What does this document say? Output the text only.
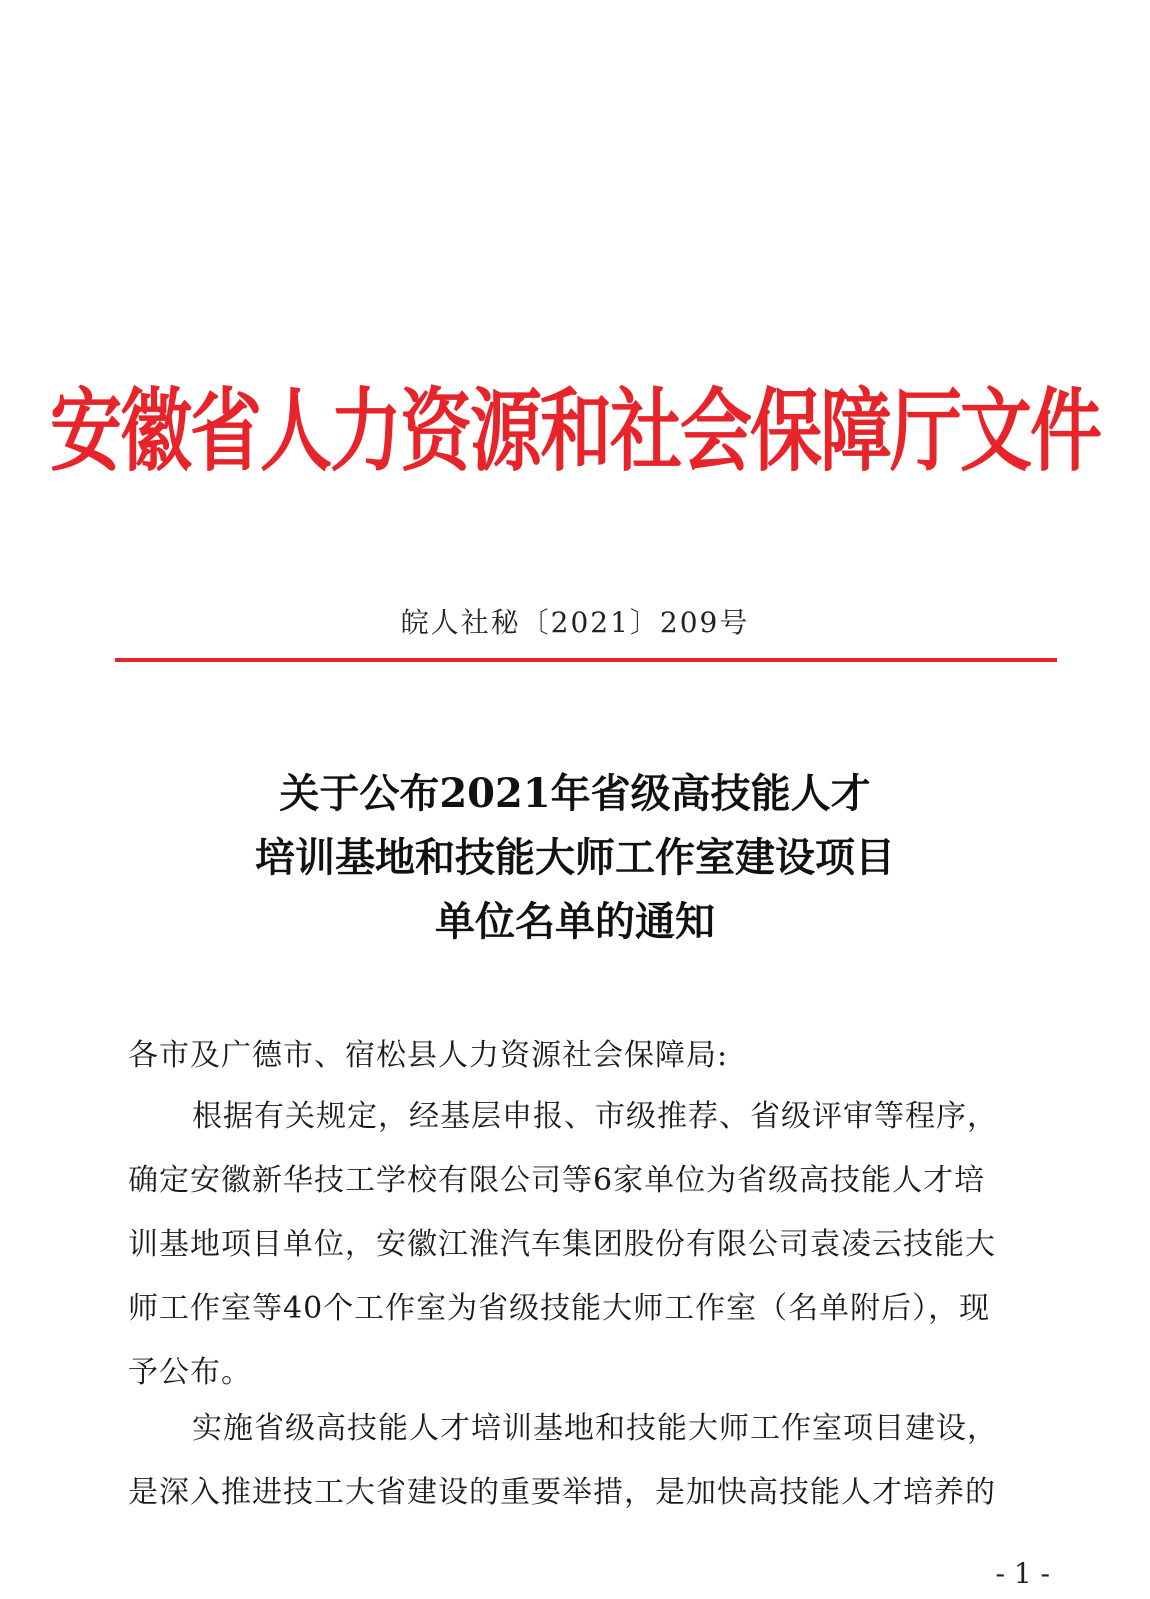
安徽省人力资源和社会保障厅文件
皖人社秘〔2021〕209号
关于公布2021年省级高技能人才
培训基地和技能大师工作室建设项目
单位名单的通知
各市及广德市、宿松县人力资源社会保障局:
根据有关规定，经基层申报、市级推荐、省级评审等程序，
确定安徽新华技工学校有限公司等6家单位为省级高技能人才培
训基地项目单位，安徽江淮汽车集团股份有限公司袁凌云技能大
师工作室等40个工作室为省级技能大师工作室（名单附后），现
予公布。
实施省级高技能人才培训基地和技能大师工作室项目建设，
是深入推进技工大省建设的重要举措，是加快高技能人才培养的
- 1 -
